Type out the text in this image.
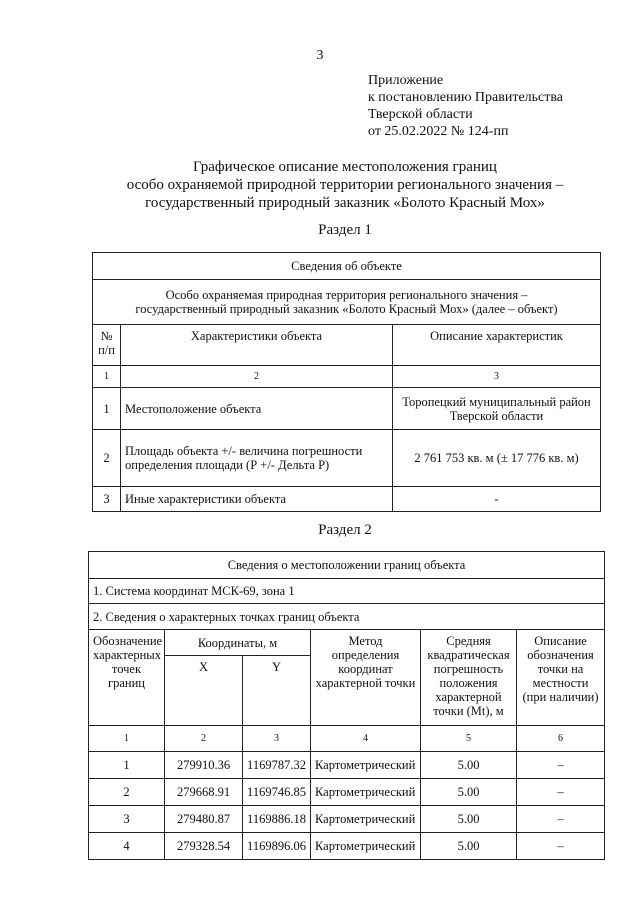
3
Приложение
к постановлению Правительства
Тверской области
от 25.02.2022 № 124-пп
Графическое описание местоположения границ
особо охраняемой природной территории регионального значения –
государственный природный заказник «Болото Красный Мох»
Раздел 1
Сведения об объекте		

Особо охраняемая природная территория регионального значения –
государственный природный заказник «Болото Красный Мох» (далее – объект)		

№ п/п	Характеристики объекта	Описание характеристик
1	2	3
1	Местоположение объекта	Торопецкий муниципальный район Тверской области
2	Площадь объекта +/- величина погрешности определения площади (Р +/- Дельта Р)	2 761 753 кв. м (± 17 776 кв. м)
3	Иные характеристики объекта	-
Раздел 2
Сведения о местоположении границ объекта					
1. Система координат МСК-69, зона 1					
2. Сведения о характерных точках границ объекта					
Обозначение характерных точек границ	Координаты, м		Метод определения координат характерной точки	Средняя квадратическая погрешность положения характерной точки (Мt), м	Описание обозначения точки на местности (при наличии)
	X	Y			
1	2	3	4	5	6
1	279910.36	1169787.32	Картометрический	5.00	–
2	279668.91	1169746.85	Картометрический	5.00	–
3	279480.87	1169886.18	Картометрический	5.00	–
4	279328.54	1169896.06	Картометрический	5.00	–
